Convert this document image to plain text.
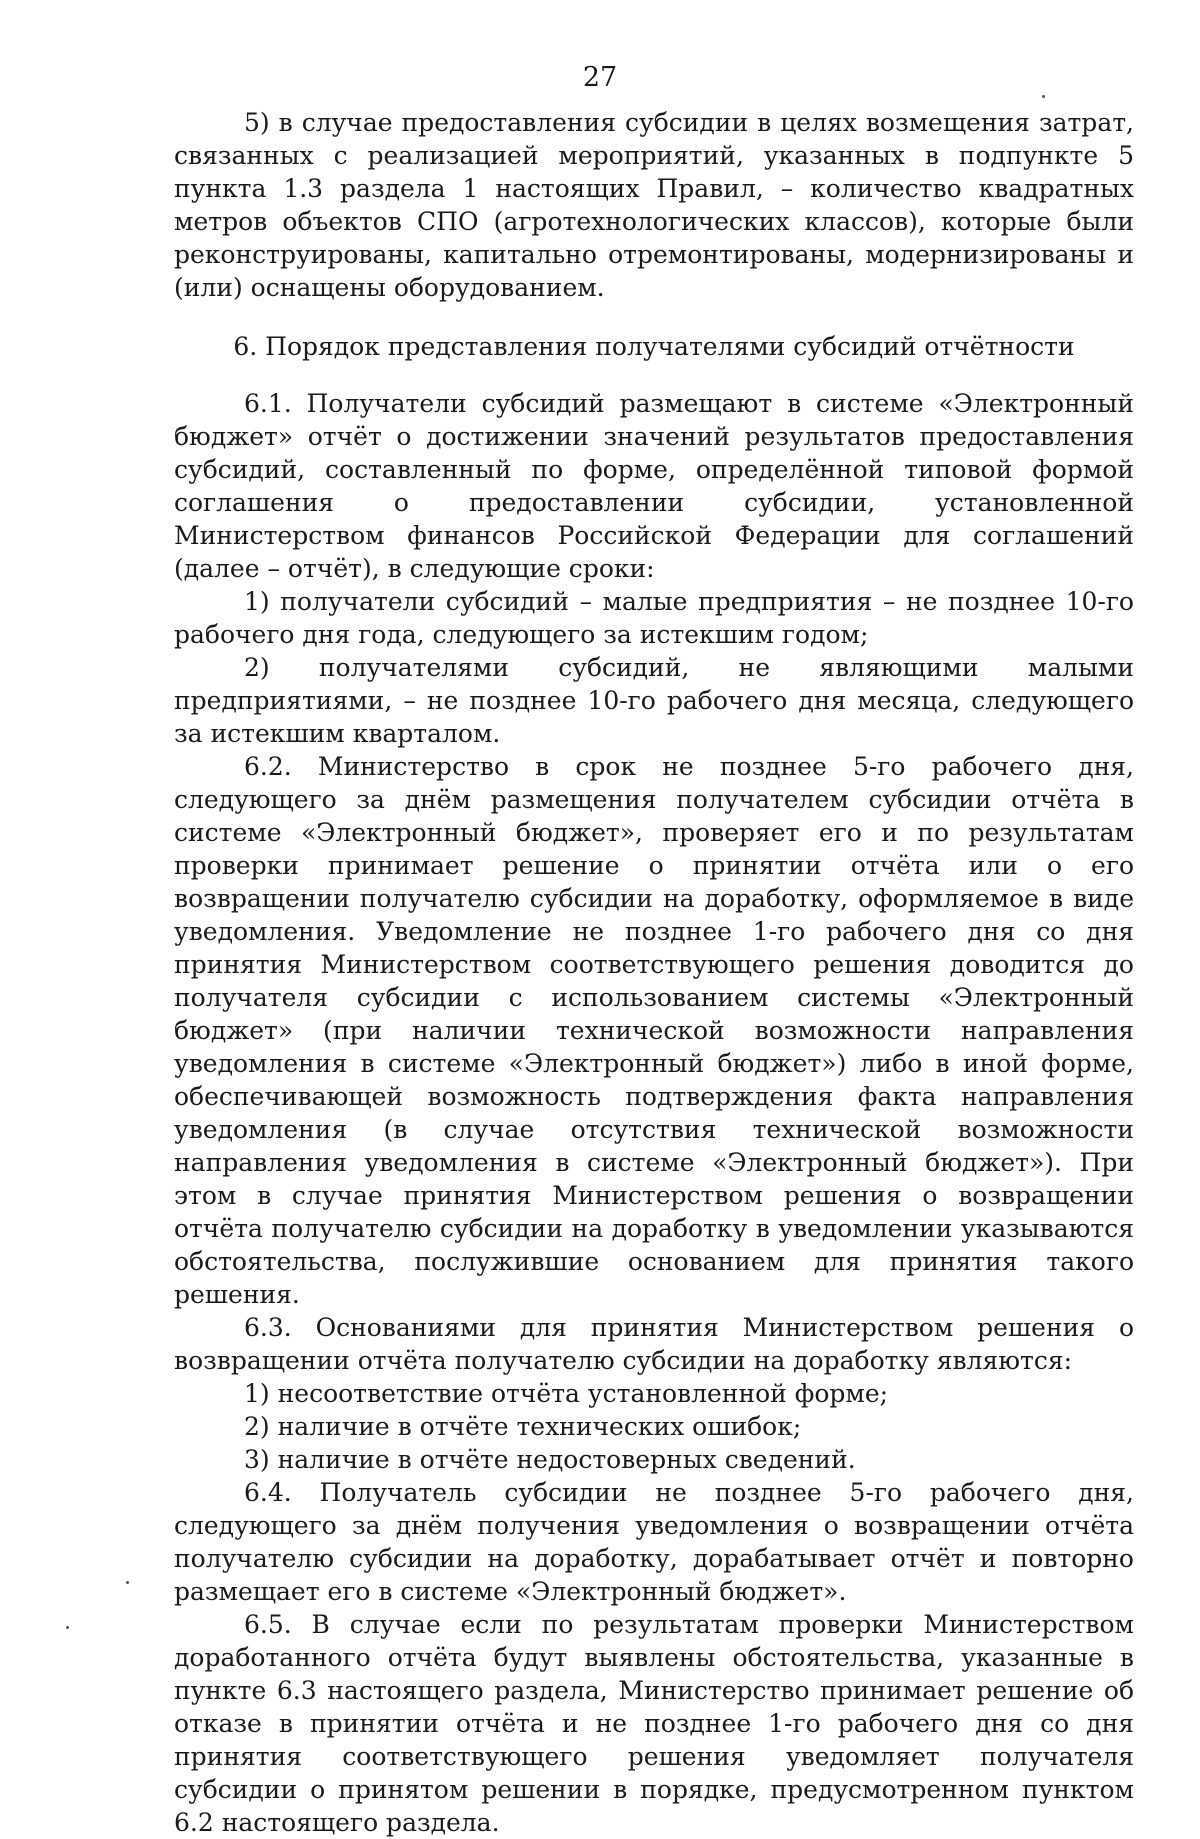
27

5) в случае предоставления субсидии в целях возмещения затрат, связанных с реализацией мероприятий, указанных в подпункте 5 пункта 1.3 раздела 1 настоящих Правил, – количество квадратных метров объектов СПО (агротехнологических классов), которые были реконструированы, капитально отремонтированы, модернизированы и (или) оснащены оборудованием.

6. Порядок представления получателями субсидий отчётности

6.1. Получатели субсидий размещают в системе «Электронный бюджет» отчёт о достижении значений результатов предоставления субсидий, составленный по форме, определённой типовой формой соглашения о предоставлении субсидии, установленной Министерством финансов Российской Федерации для соглашений (далее – отчёт), в следующие сроки:

1) получатели субсидий – малые предприятия – не позднее 10-го рабочего дня года, следующего за истекшим годом;

2) получателями субсидий, не являющими малыми предприятиями, – не позднее 10-го рабочего дня месяца, следующего за истекшим кварталом.

6.2. Министерство в срок не позднее 5-го рабочего дня, следующего за днём размещения получателем субсидии отчёта в системе «Электронный бюджет», проверяет его и по результатам проверки принимает решение о принятии отчёта или о его возвращении получателю субсидии на доработку, оформляемое в виде уведомления. Уведомление не позднее 1-го рабочего дня со дня принятия Министерством соответствующего решения доводится до получателя субсидии с использованием системы «Электронный бюджет» (при наличии технической возможности направления уведомления в системе «Электронный бюджет») либо в иной форме, обеспечивающей возможность подтверждения факта направления уведомления (в случае отсутствия технической возможности направления уведомления в системе «Электронный бюджет»). При этом в случае принятия Министерством решения о возвращении отчёта получателю субсидии на доработку в уведомлении указываются обстоятельства, послужившие основанием для принятия такого решения.

6.3. Основаниями для принятия Министерством решения о возвращении отчёта получателю субсидии на доработку являются:

1) несоответствие отчёта установленной форме;

2) наличие в отчёте технических ошибок;

3) наличие в отчёте недостоверных сведений.

6.4. Получатель субсидии не позднее 5-го рабочего дня, следующего за днём получения уведомления о возвращении отчёта получателю субсидии на доработку, дорабатывает отчёт и повторно размещает его в системе «Электронный бюджет».

6.5. В случае если по результатам проверки Министерством доработанного отчёта будут выявлены обстоятельства, указанные в пункте 6.3 настоящего раздела, Министерство принимает решение об отказе в принятии отчёта и не позднее 1-го рабочего дня со дня принятия соответствующего решения уведомляет получателя субсидии о принятом решении в порядке, предусмотренном пунктом 6.2 настоящего раздела.
